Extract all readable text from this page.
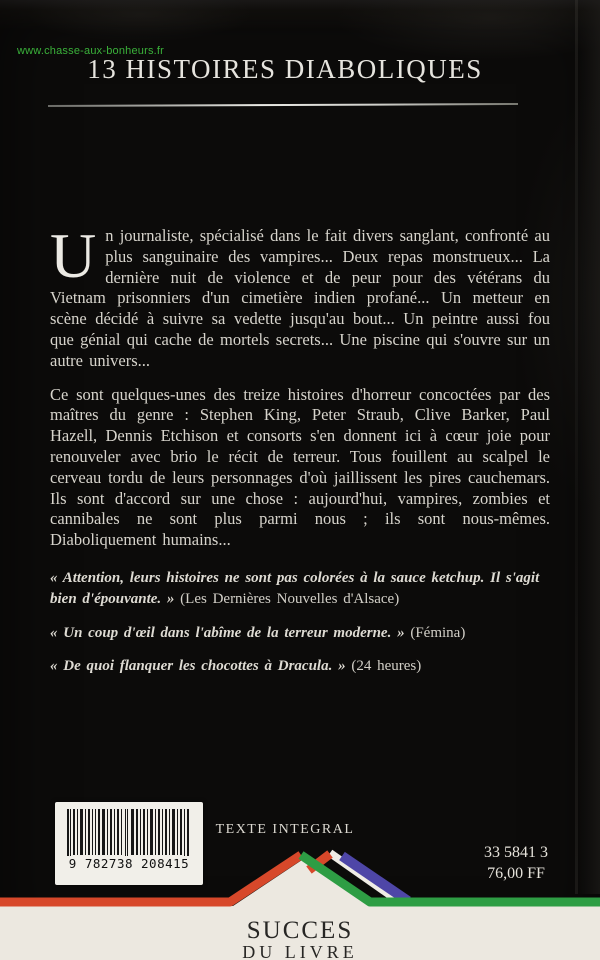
www.chasse-aux-bonheurs.fr
13 HISTOIRES DIABOLIQUES

Un journaliste, spécialisé dans le fait divers sanglant, confronté au plus sanguinaire des vampires... Deux repas monstrueux... La dernière nuit de violence et de peur pour des vétérans du Vietnam prisonniers d'un cimetière indien profané... Un metteur en scène décidé à suivre sa vedette jusqu'au bout... Un peintre aussi fou que génial qui cache de mortels secrets... Une piscine qui s'ouvre sur un autre univers...

Ce sont quelques-unes des treize histoires d'horreur concoctées par des maîtres du genre : Stephen King, Peter Straub, Clive Barker, Paul Hazell, Dennis Etchison et consorts s'en donnent ici à cœur joie pour renouveler avec brio le récit de terreur. Tous fouillent au scalpel le cerveau tordu de leurs personnages d'où jaillissent les pires cauchemars. Ils sont d'accord sur une chose : aujourd'hui, vampires, zombies et cannibales ne sont plus parmi nous ; ils sont nous-mêmes. Diaboliquement humains...

« Attention, leurs histoires ne sont pas colorées à la sauce ketchup. Il s'agit bien d'épouvante. » (Les Dernières Nouvelles d'Alsace)

« Un coup d'œil dans l'abîme de la terreur moderne. » (Fémina)

« De quoi flanquer les chocottes à Dracula. » (24 heures)

TEXTE INTEGRAL
9 782738 208415
33 5841 3
76,00 FF
SUCCES
DU LIVRE
